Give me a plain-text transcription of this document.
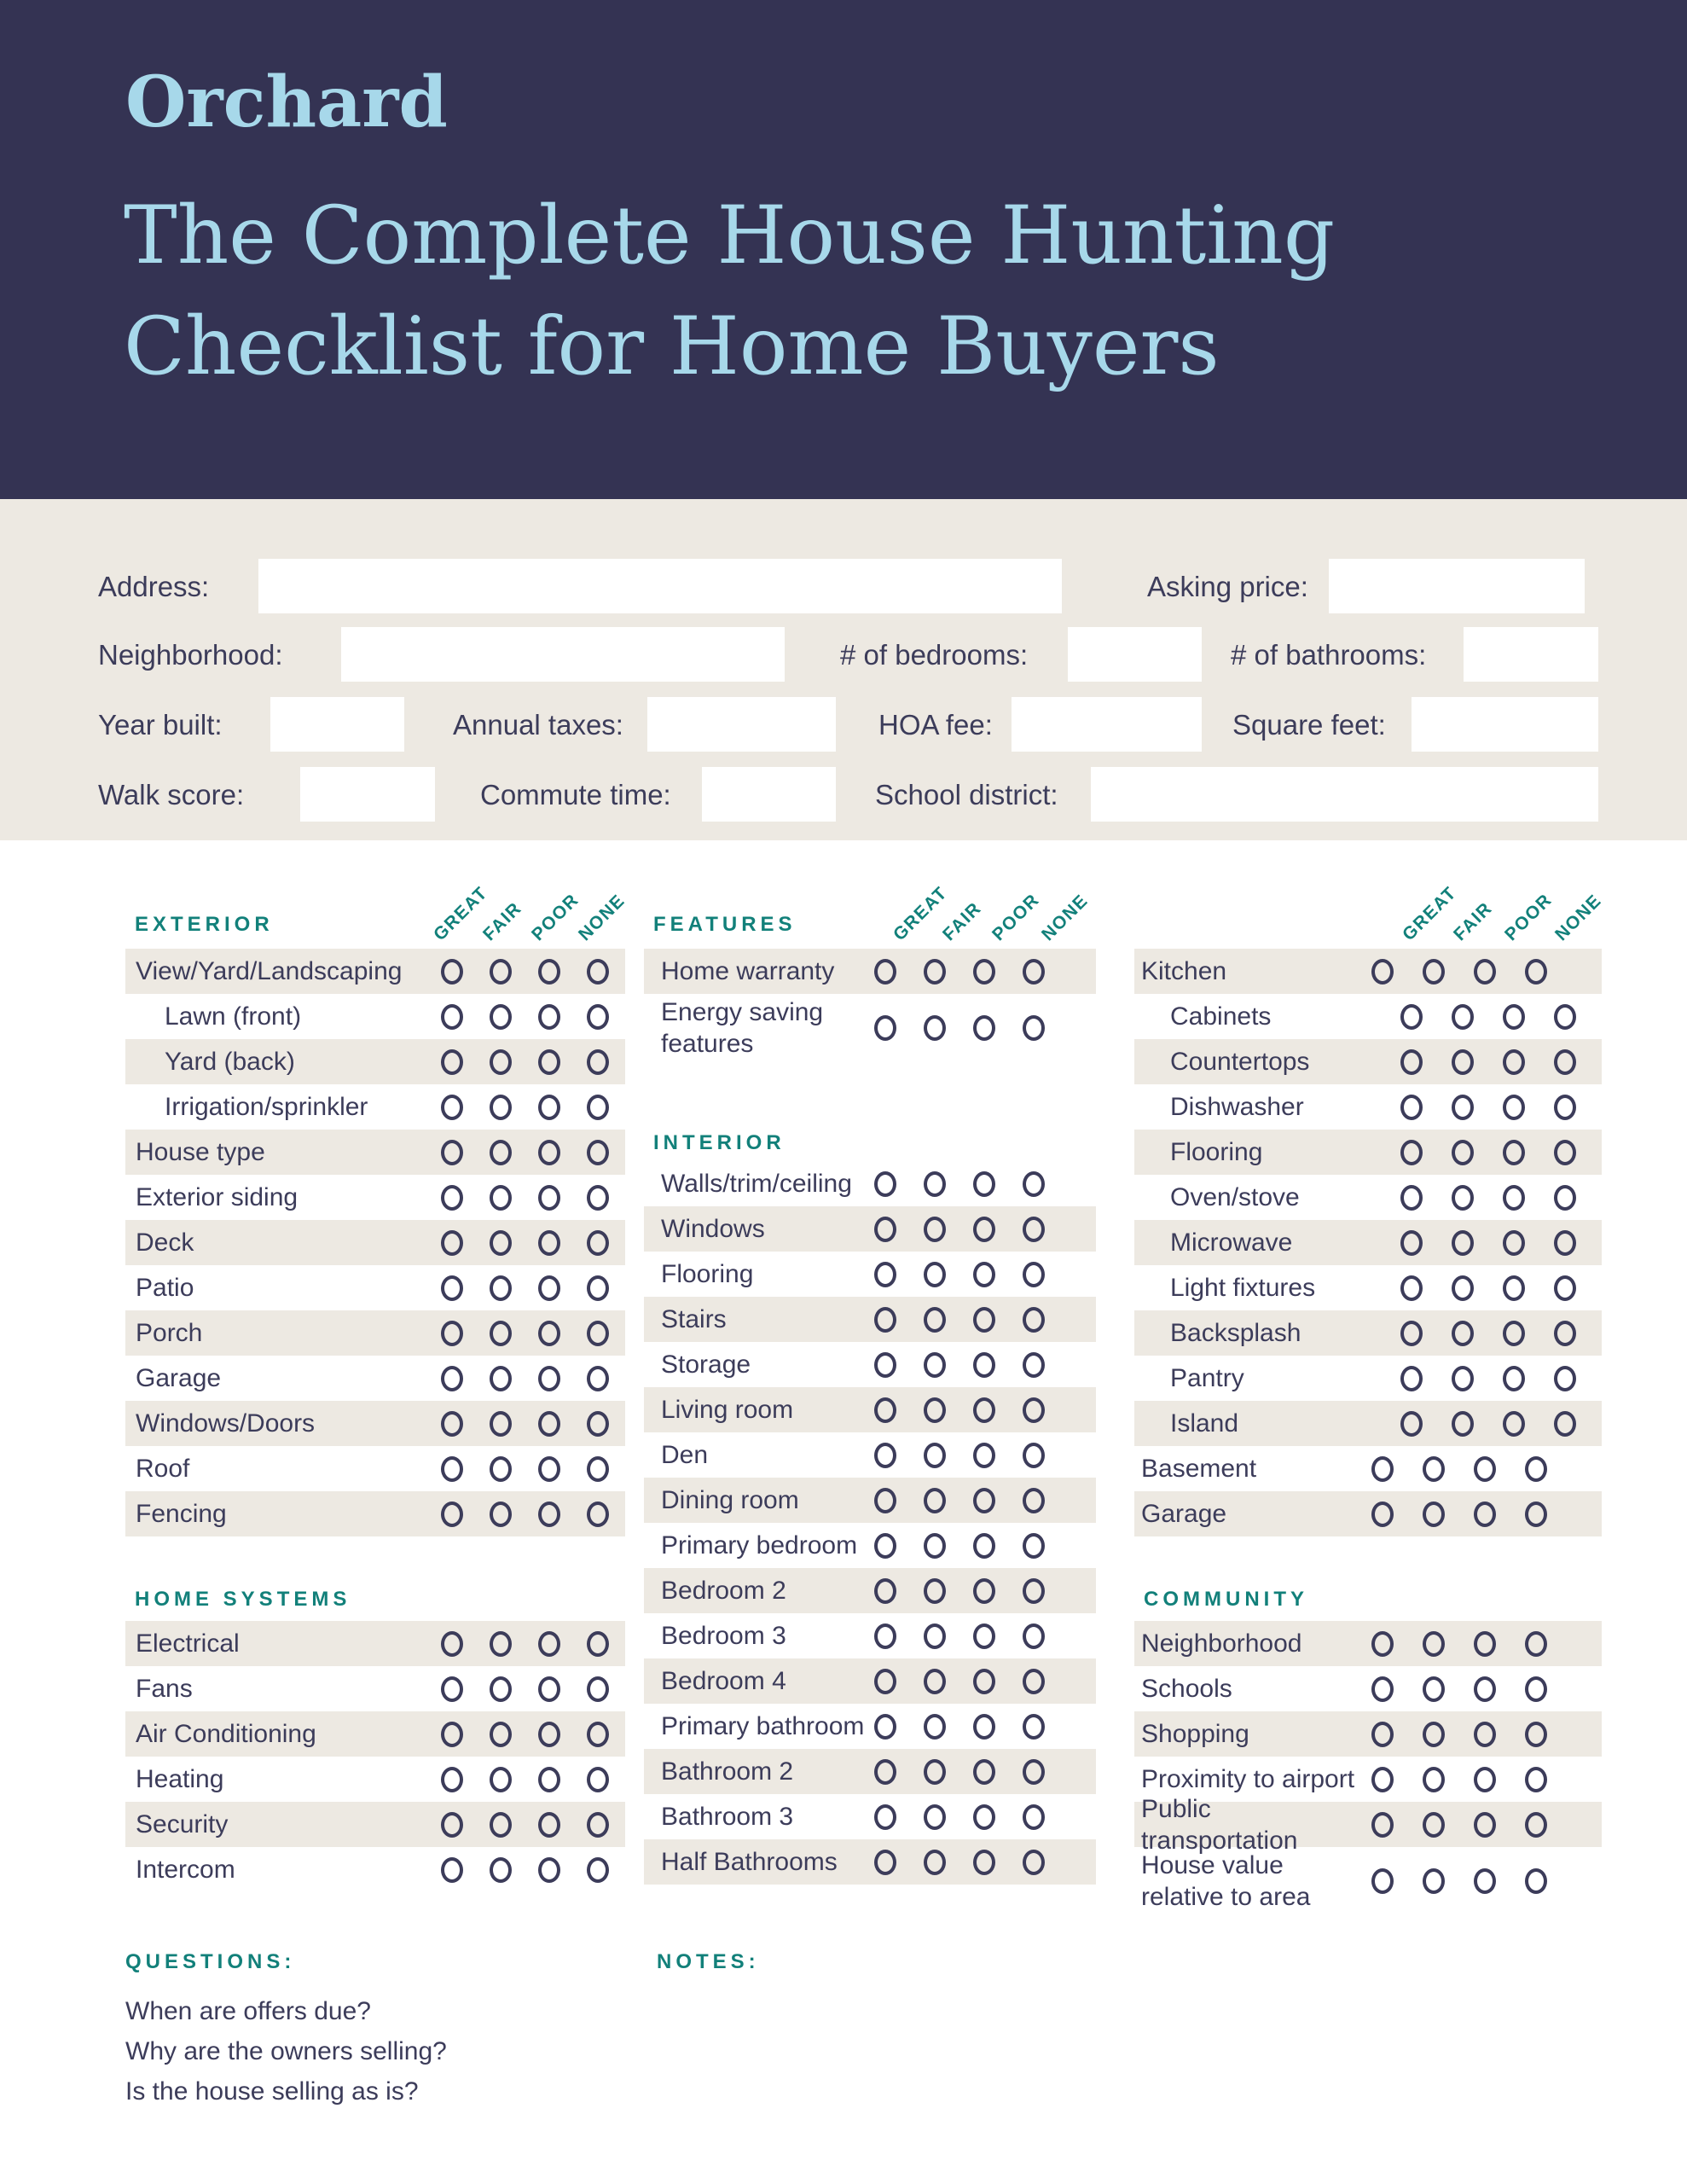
Orchard
The Complete House Hunting
Checklist for Home Buyers
Address:	Asking price:
Neighborhood:	# of bedrooms:	# of bathrooms:
Year built:	Annual taxes:	HOA fee:	Square feet:
Walk score:	Commute time:	School district:
EXTERIOR	GREAT
FAIR POOR
NONE
View/Yard/Landscaping
Lawn (front)
Yard (back)
Irrigation/sprinkler
House type
Exterior siding
Deck
Patio
Porch
Garage
Windows/Doors
Roof
Fencing
HOME SYSTEMS
Electrical
Fans
Air Conditioning
Heating
Security
Intercom
QUESTIONS:
When are offers due?
Why are the owners selling?
Is the house selling as is?
FEATURES	GREAT
FAIR POOR
NONE
Home warranty
Energy saving features
INTERIOR
Walls/trim/ceiling
Windows
Flooring
Stairs
Storage
Living room
Den
Dining room
Primary bedroom
Bedroom 2
Bedroom 3
Bedroom 4
Primary bathroom
Bathroom 2
Bathroom 3
Half Bathrooms
NOTES:
GREAT
FAIR POOR
NONE
Kitchen
Cabinets
Countertops
Dishwasher
Flooring
Oven/stove
Microwave
Light fixtures
Backsplash
Pantry
Island
Basement
Garage
COMMUNITY
Neighborhood
Schools
Shopping
Proximity to airport
Public transportation
House value relative to area
